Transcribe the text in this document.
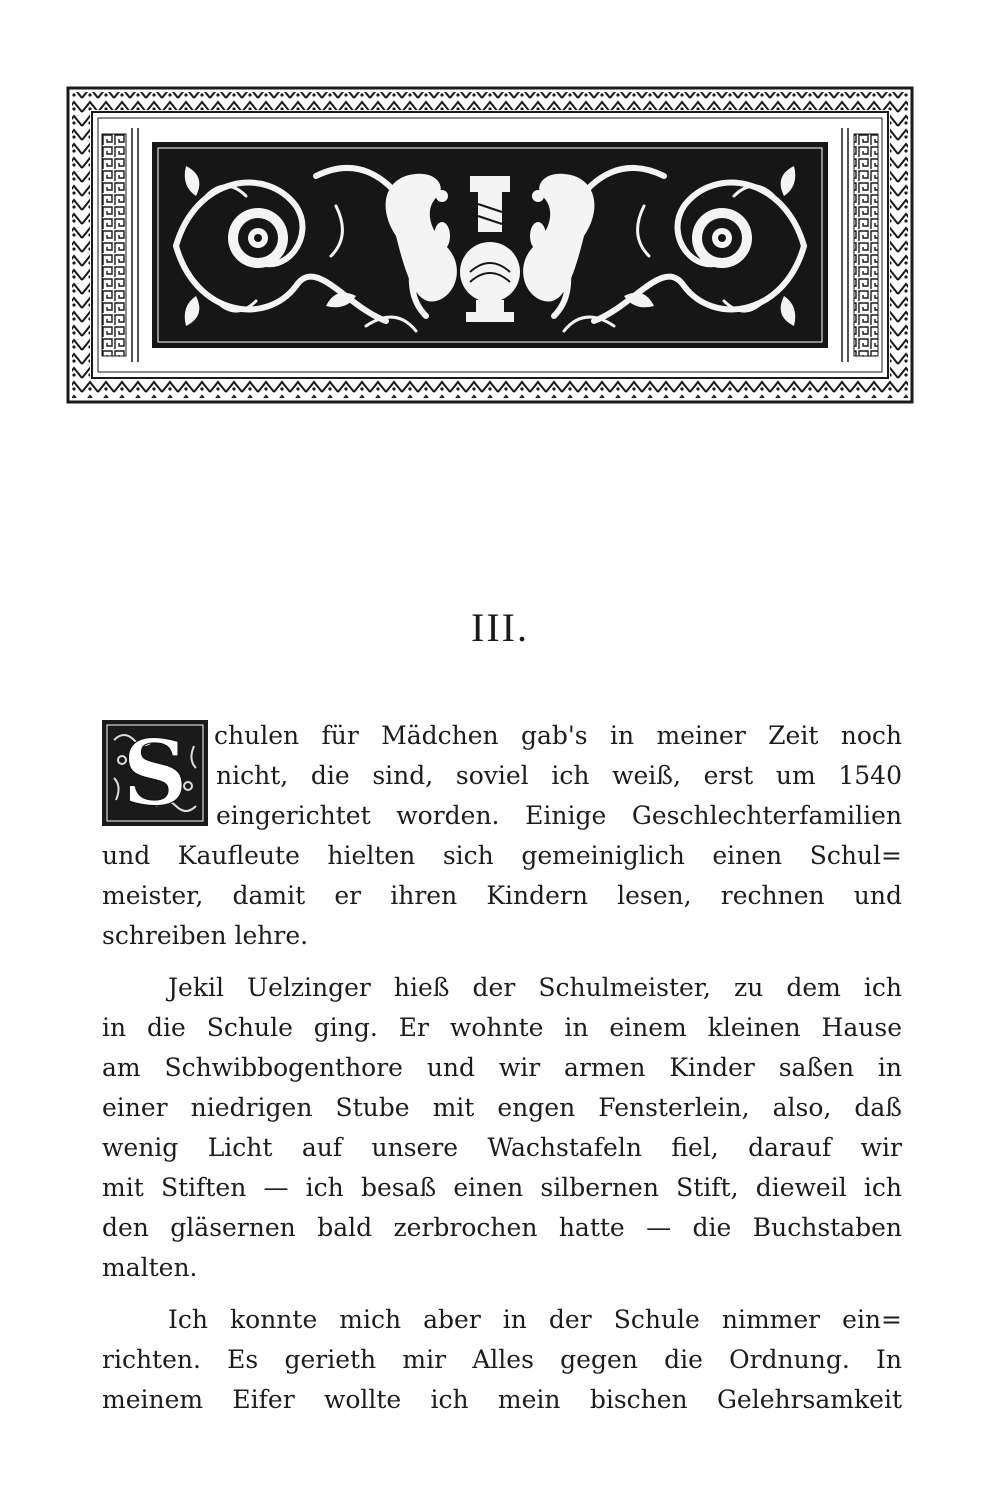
III.
S	chulen für Mädchen gab's in meiner Zeit noch
nicht, die sind, soviel ich weiß, erst um 1540
eingerichtet worden. Einige Geschlechterfamilien
und Kaufleute hielten sich gemeiniglich einen Schul=
meister, damit er ihren Kindern lesen, rechnen und
schreiben lehre.
Jekil Uelzinger hieß der Schulmeister, zu dem ich
in die Schule ging. Er wohnte in einem kleinen Hause
am Schwibbogenthore und wir armen Kinder saßen in
einer niedrigen Stube mit engen Fensterlein, also, daß
wenig Licht auf unsere Wachstafeln fiel, darauf wir
mit Stiften — ich besaß einen silbernen Stift, dieweil ich
den gläsernen bald zerbrochen hatte — die Buchstaben
malten.
Ich konnte mich aber in der Schule nimmer ein=
richten. Es gerieth mir Alles gegen die Ordnung. In
meinem Eifer wollte ich mein bischen Gelehrsamkeit
